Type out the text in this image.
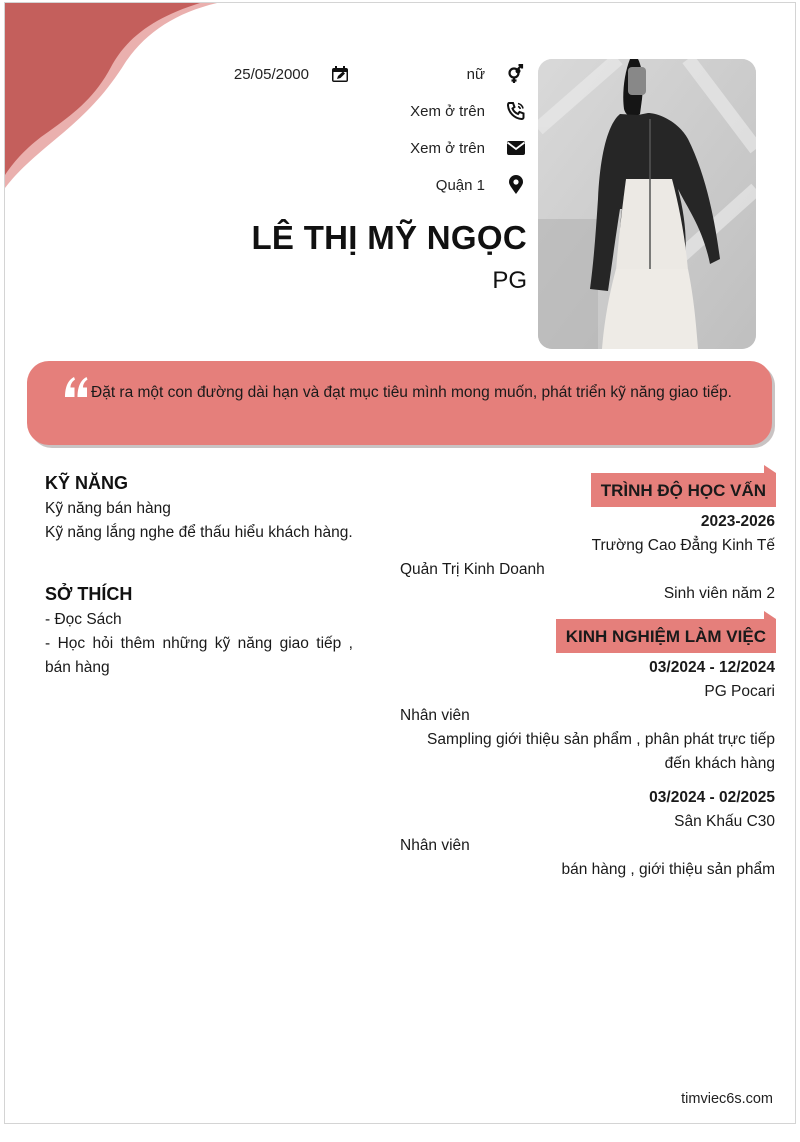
25/05/2000	nữ
Xem ở trên
Xem ở trên
Quận 1
LÊ THỊ MỸ NGỌC
PG
Đặt ra một con đường dài hạn và đạt mục tiêu mình mong muốn, phát triển kỹ năng giao tiếp.
KỸ NĂNG
Kỹ năng bán hàng
Kỹ năng lắng nghe để thấu hiểu khách hàng.
SỞ THÍCH
- Đọc Sách
- Học hỏi thêm những kỹ năng giao tiếp , bán hàng
TRÌNH ĐỘ HỌC VẤN
2023-2026
Trường Cao Đẳng Kinh Tế
Quản Trị Kinh Doanh
Sinh viên năm 2
KINH NGHIỆM LÀM VIỆC
03/2024 - 12/2024
PG Pocari
Nhân viên
Sampling giới thiệu sản phẩm , phân phát trực tiếp
đến khách hàng
03/2024 - 02/2025
Sân Khấu C30
Nhân viên
bán hàng , giới thiệu sản phẩm
timviec6s.com
